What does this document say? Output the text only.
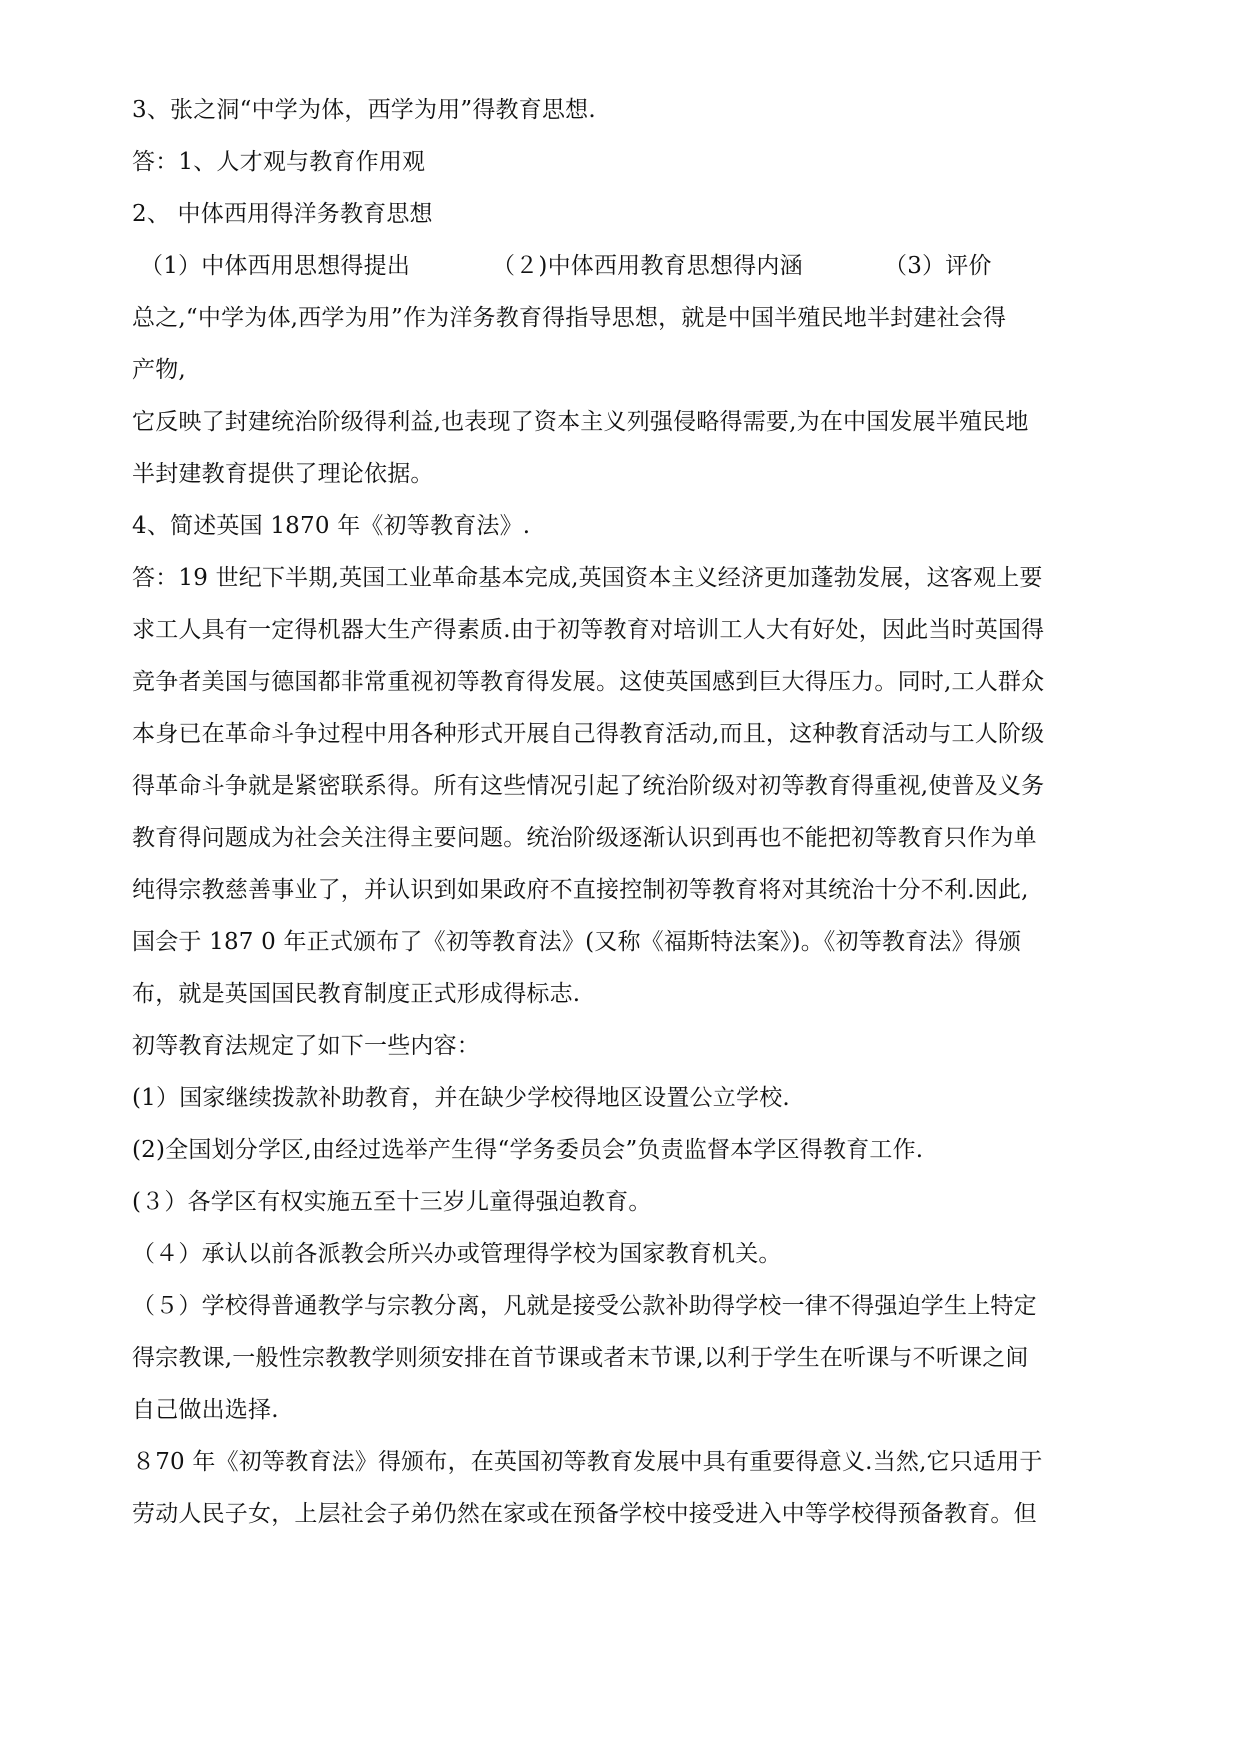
3、张之洞“中学为体，西学为用”得教育思想.
答：1、人才观与教育作用观
2、 中体西用得洋务教育思想
（1）中体西用思想得提出	（２)中体西用教育思想得内涵	（3）评价
总之,“中学为体,西学为用”作为洋务教育得指导思想，就是中国半殖民地半封建社会得
产物,
它反映了封建统治阶级得利益,也表现了资本主义列强侵略得需要,为在中国发展半殖民地
半封建教育提供了理论依据。
4、简述英国 1870 年《初等教育法》.
答：19 世纪下半期,英国工业革命基本完成,英国资本主义经济更加蓬勃发展，这客观上要
求工人具有一定得机器大生产得素质.由于初等教育对培训工人大有好处，因此当时英国得
竞争者美国与德国都非常重视初等教育得发展。这使英国感到巨大得压力。同时,工人群众
本身已在革命斗争过程中用各种形式开展自己得教育活动,而且，这种教育活动与工人阶级
得革命斗争就是紧密联系得。所有这些情况引起了统治阶级对初等教育得重视,使普及义务
教育得问题成为社会关注得主要问题。统治阶级逐渐认识到再也不能把初等教育只作为单
纯得宗教慈善事业了，并认识到如果政府不直接控制初等教育将对其统治十分不利.因此,
国会于 187 0 年正式颁布了《初等教育法》(又称《福斯特法案》)。《初等教育法》得颁
布，就是英国国民教育制度正式形成得标志.
初等教育法规定了如下一些内容：
(1）国家继续拨款补助教育，并在缺少学校得地区设置公立学校.
(2)全国划分学区,由经过选举产生得“学务委员会”负责监督本学区得教育工作.
(３）各学区有权实施五至十三岁儿童得强迫教育。
（４）承认以前各派教会所兴办或管理得学校为国家教育机关。
（５）学校得普通教学与宗教分离，凡就是接受公款补助得学校一律不得强迫学生上特定
得宗教课,一般性宗教教学则须安排在首节课或者末节课,以利于学生在听课与不听课之间
自己做出选择.
８70 年《初等教育法》得颁布，在英国初等教育发展中具有重要得意义.当然,它只适用于
劳动人民子女，上层社会子弟仍然在家或在预备学校中接受进入中等学校得预备教育。但
